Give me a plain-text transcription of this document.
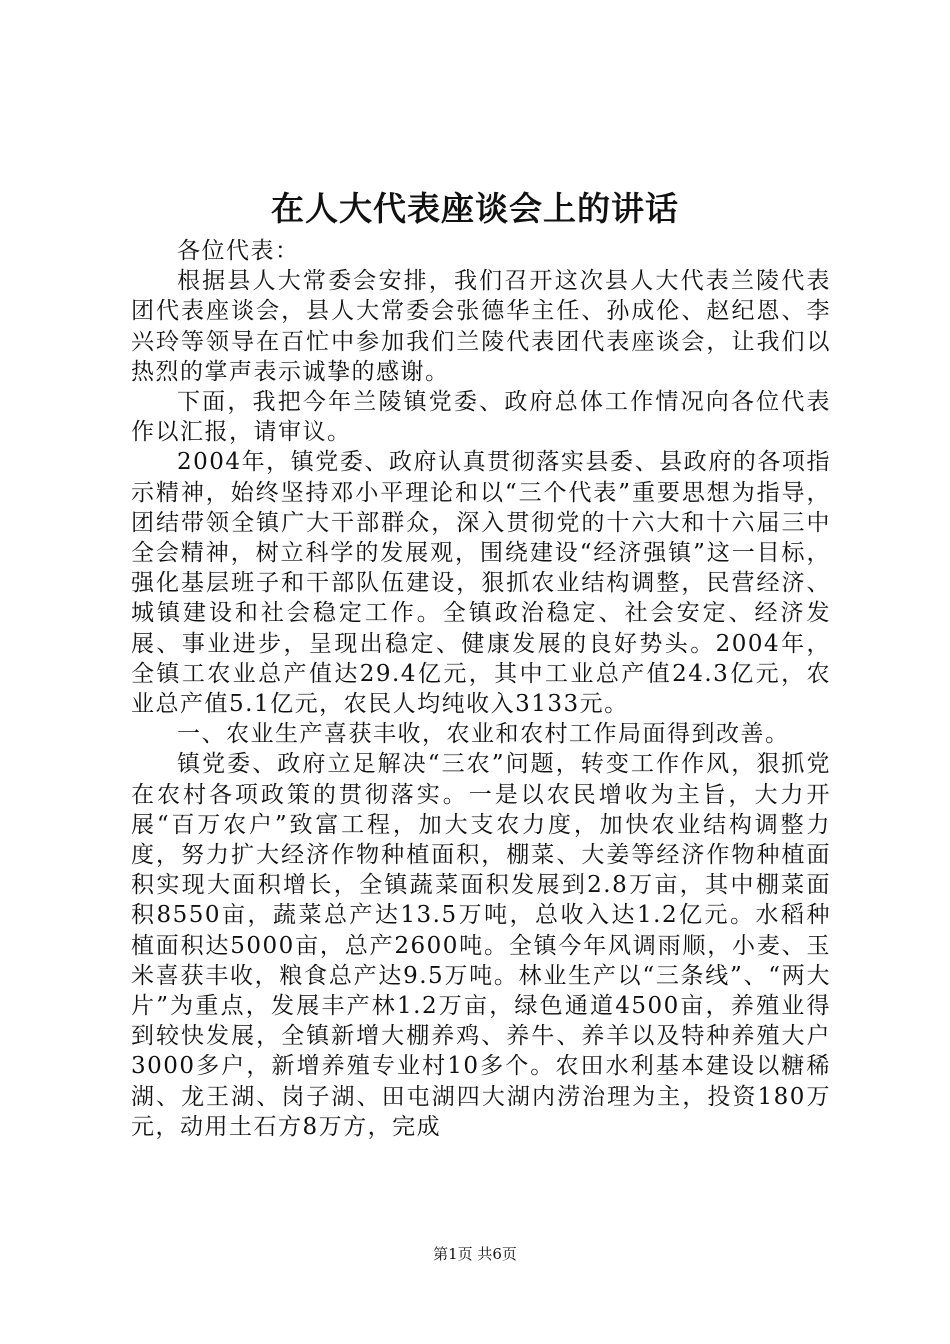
在人大代表座谈会上的讲话

各位代表：

根据县人大常委会安排，我们召开这次县人大代表兰陵代表团代表座谈会，县人大常委会张德华主任、孙成伦、赵纪恩、李兴玲等领导在百忙中参加我们兰陵代表团代表座谈会，让我们以热烈的掌声表示诚挚的感谢。

下面，我把今年兰陵镇党委、政府总体工作情况向各位代表作以汇报，请审议。

2004年，镇党委、政府认真贯彻落实县委、县政府的各项指示精神，始终坚持邓小平理论和以“三个代表”重要思想为指导，团结带领全镇广大干部群众，深入贯彻党的十六大和十六届三中全会精神，树立科学的发展观，围绕建设“经济强镇”这一目标，强化基层班子和干部队伍建设，狠抓农业结构调整，民营经济、城镇建设和社会稳定工作。全镇政治稳定、社会安定、经济发展、事业进步，呈现出稳定、健康发展的良好势头。2004年，全镇工农业总产值达29.4亿元，其中工业总产值24.3亿元，农业总产值5.1亿元，农民人均纯收入3133元。

一、农业生产喜获丰收，农业和农村工作局面得到改善。

镇党委、政府立足解决“三农”问题，转变工作作风，狠抓党在农村各项政策的贯彻落实。一是以农民增收为主旨，大力开展“百万农户”致富工程，加大支农力度，加快农业结构调整力度，努力扩大经济作物种植面积，棚菜、大姜等经济作物种植面积实现大面积增长，全镇蔬菜面积发展到2.8万亩，其中棚菜面积8550亩，蔬菜总产达13.5万吨，总收入达1.2亿元。水稻种植面积达5000亩，总产2600吨。全镇今年风调雨顺，小麦、玉米喜获丰收，粮食总产达9.5万吨。林业生产以“三条线”、“两大片”为重点，发展丰产林1.2万亩，绿色通道4500亩，养殖业得到较快发展，全镇新增大棚养鸡、养牛、养羊以及特种养殖大户3000多户，新增养殖专业村10多个。农田水利基本建设以糖稀湖、龙王湖、岗子湖、田屯湖四大湖内涝治理为主，投资180万元，动用土石方8万方，完成

第1页 共6页
